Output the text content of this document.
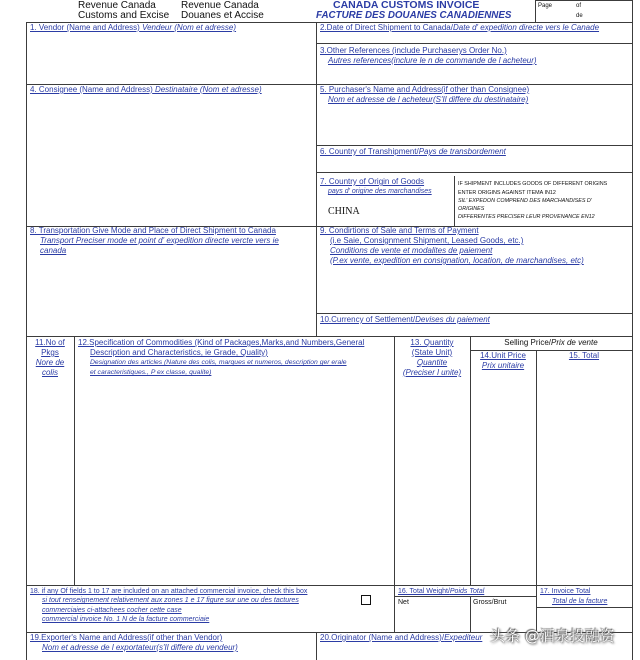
Revenue Canada
Customs and Excise
Revenue Canada
Douanes et Accise
CANADA CUSTOMS INVOICE
FACTURE DES DOUANES CANADIENNES
Page	of
de
1. Vendor (Name and Address) Vendeur (Nom et adresse)	2.Date of Direct Shipment to Canada/Date d' expedition directe vers le Canade
3.Other References (include Purchaserys Order No.)
Autres references(inclure le n de commande de l acheteur)
4. Consignee (Name and Address) Destinataire (Nom et adresse)	5. Purchaser's Name and Address(if other than Consignee)
Nom et adresse de l acheteur(S'Il differe du destinataire)
6. Country of Transhipment/Pays de transbordement
7. Country of Origin of Goods
pays d' origine des marchandises
CHINA
IF SHIPMENT INCLUDES GOODS OF DIFFERENT ORIGINS
ENTER ORIGINS AGAINST ITEMA IN12
SIL' EXPEDON COMPREND DES MARCHANDISES D'
ORIGINES
DIFFERENTES PRECISER LEUR PROVENANCE EN12
8. Transportation Give Mode and Place of Direct Shipment to Canada
Transport Preciser mode et point d' expedition directe vercte vers ie
canada
9. Condirtions of Sale and Terms of Payment
(i.e Saie, Consignment Shipment, Leased Goods, etc.)
Conditions de vente et modalites de paiement
(P.ex vente, expedition en consignation, location, de marchandises, etc)
10.Currency of Settlement/Devises du paiement
11.No of
Pkgs
Nore de
colis
12.Specification of Commodities (Kind of Packages,Marks,and Numbers,General
Description and Characteristics, ie Grade, Quality)
Designation des articles (Nature des colis, marques et numeros, description ger erale
et caracteristiques., P ex classe, qualite)
13. Quantity
(State Unit)
Quantite
(Preciser l unite)
Selling Price/Prix de vente
14.Unit Price
Prix unitaire
15. Total
18. if any Of fields 1 to 17 are included on an attached commercial invoice, check this box
si tout renseignement relativement aux zones 1 e 17 figure sur une ou des tactures
commerciaies ci-attachees cocher cette case
commercial invoice No. 1 N de la facture commerciaie
16. Total Weight/Poids Total
Net	Gross/Brut
17. Invoice Total
Total de la facture
19.Exporter's Name and Address(if other than Vendor)
Nom et adresse de l exportateur(s'Il differe du vendeur)
20.Originator (Name and Address)/Expediteur 头条 @酒泉投融资
